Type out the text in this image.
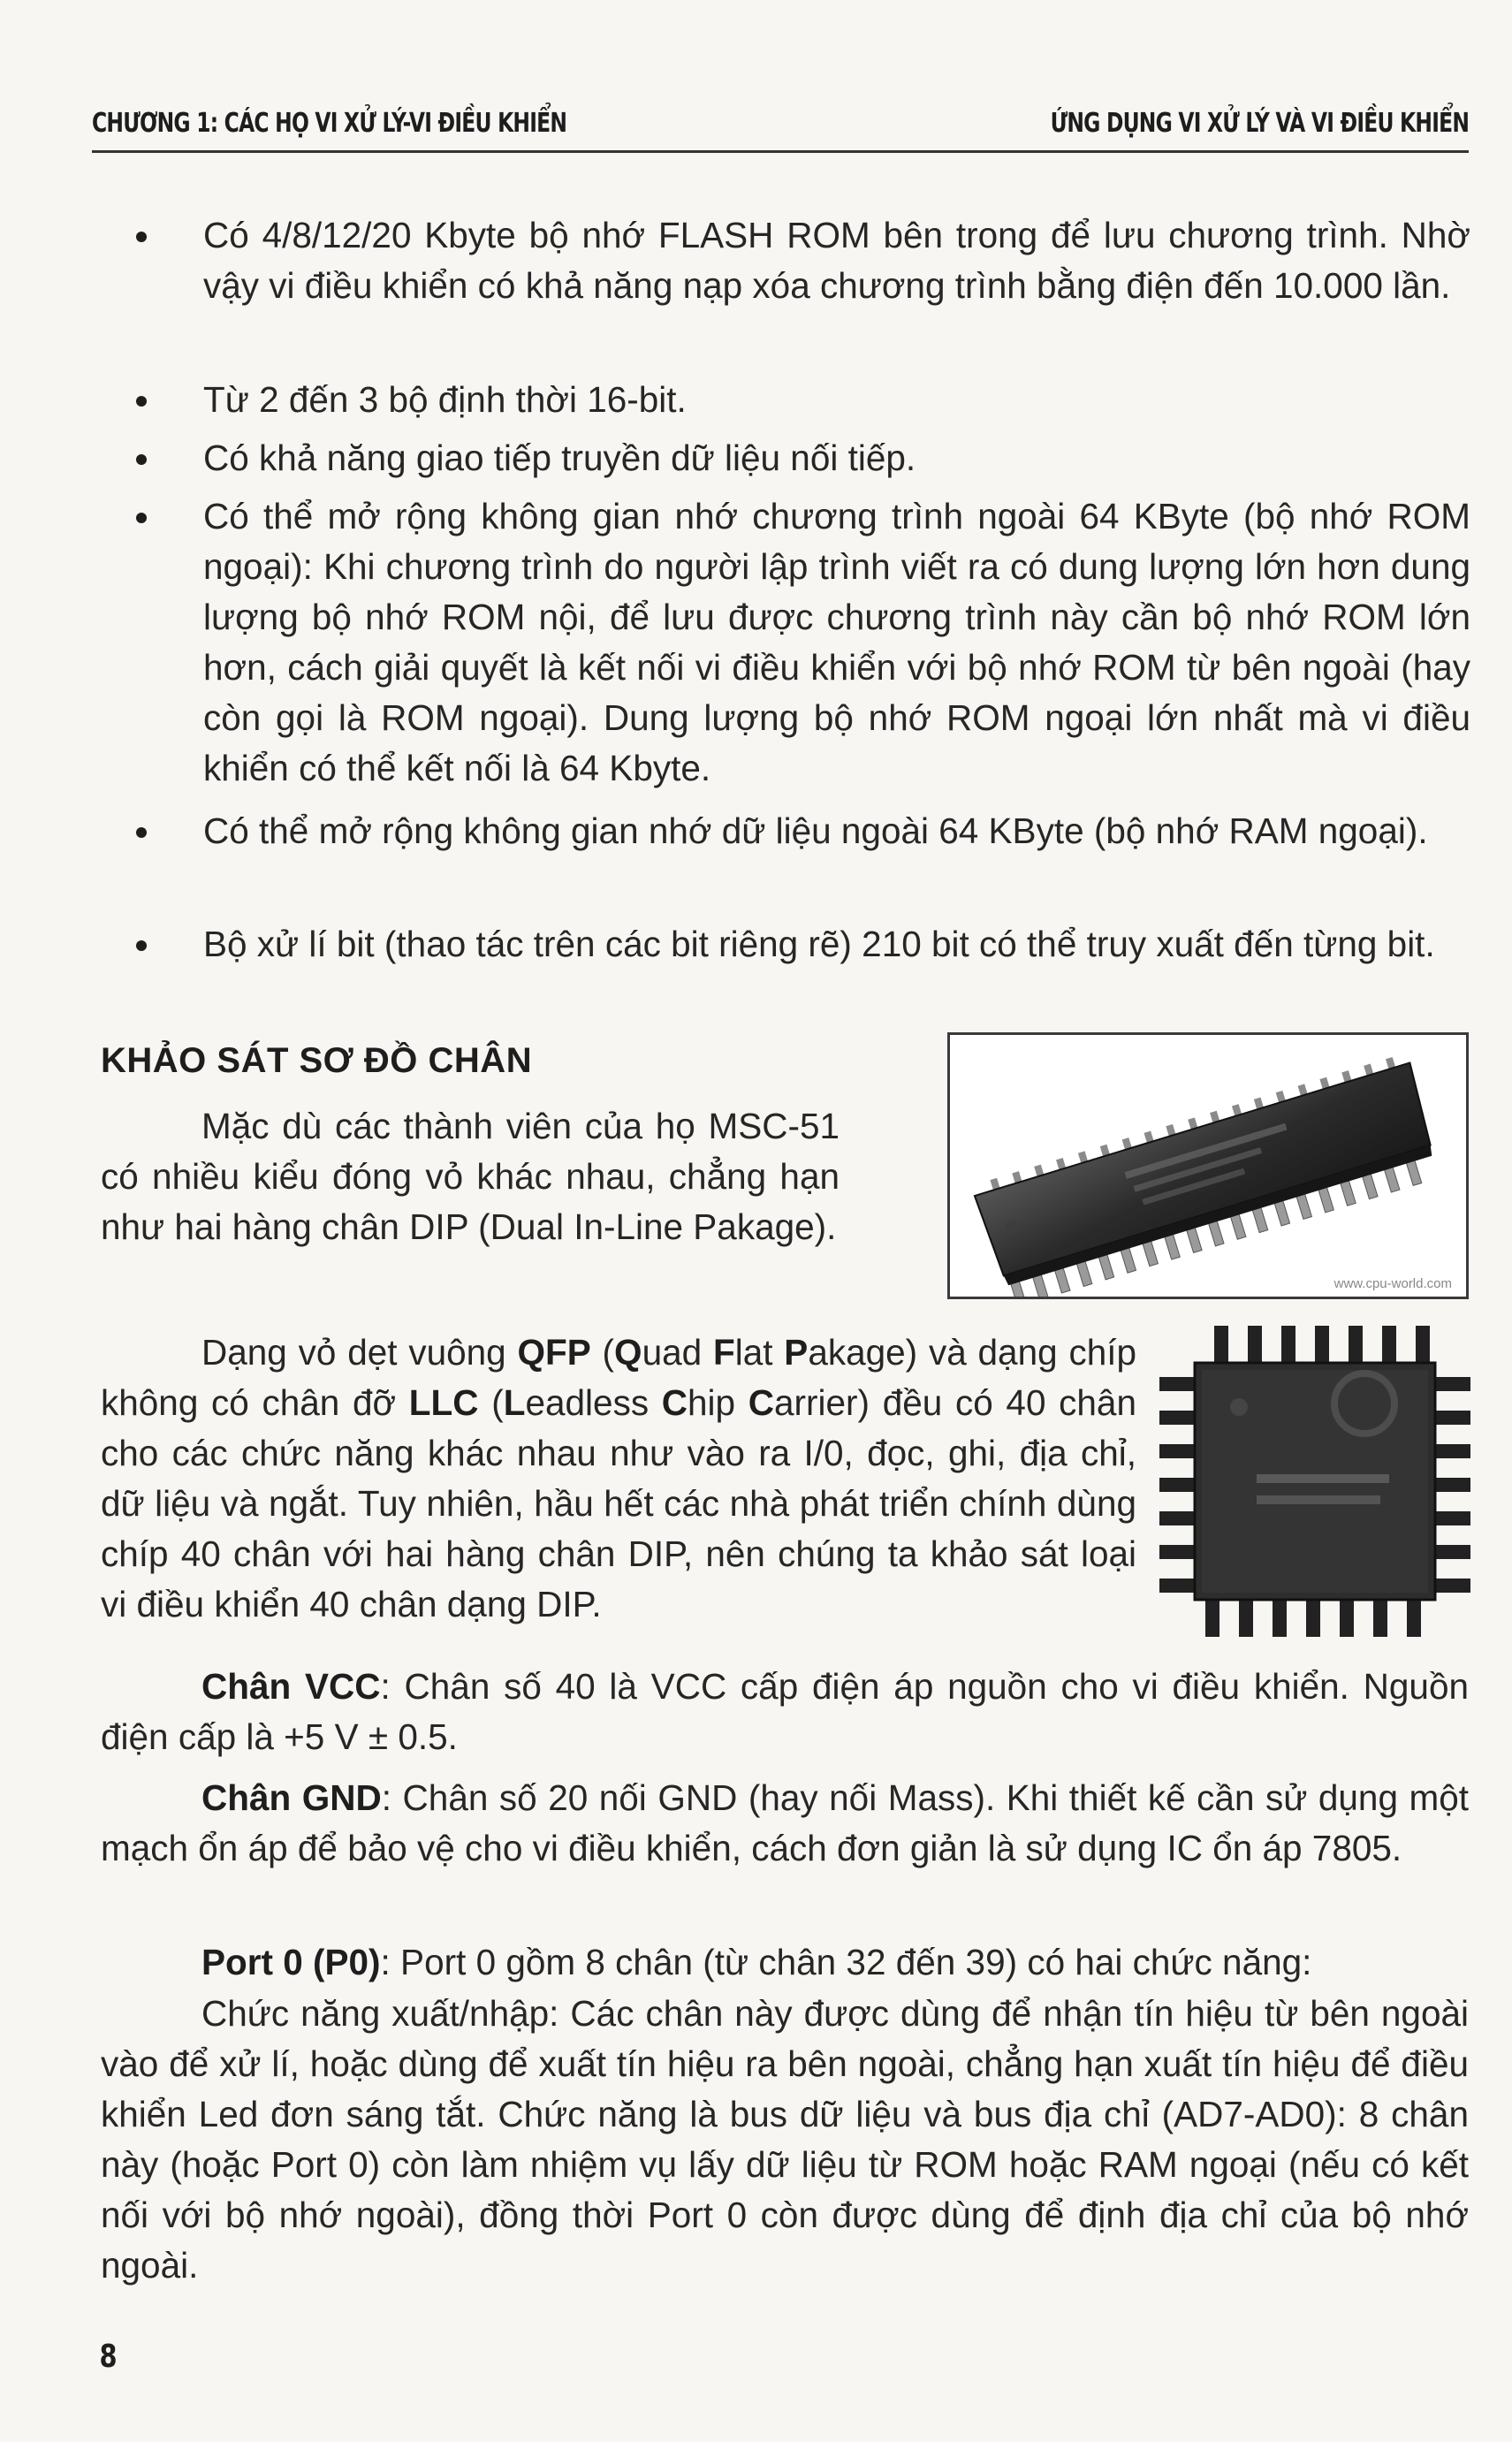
CHƯƠNG 1: CÁC HỌ VI XỬ LÝ-VI ĐIỀU KHIỂN	ỨNG DỤNG VI XỬ LÝ VÀ VI ĐIỀU KHIỂN
Có 4/8/12/20 Kbyte bộ nhớ FLASH ROM bên trong để lưu chương trình. Nhờ vậy vi điều khiển có khả năng nạp xóa chương trình bằng điện đến 10.000 lần.
Từ 2 đến 3 bộ định thời 16-bit.
Có khả năng giao tiếp truyền dữ liệu nối tiếp.
Có thể mở rộng không gian nhớ chương trình ngoài 64 KByte (bộ nhớ ROM ngoại): Khi chương trình do người lập trình viết ra có dung lượng lớn hơn dung lượng bộ nhớ ROM nội, để lưu được chương trình này cần bộ nhớ ROM lớn hơn, cách giải quyết là kết nối vi điều khiển với bộ nhớ ROM từ bên ngoài (hay còn gọi là ROM ngoại). Dung lượng bộ nhớ ROM ngoại lớn nhất mà vi điều khiển có thể kết nối là 64 Kbyte.
Có thể mở rộng không gian nhớ dữ liệu ngoài 64 KByte (bộ nhớ RAM ngoại).
Bộ xử lí bit (thao tác trên các bit riêng rẽ) 210 bit có thể truy xuất đến từng bit.
KHẢO SÁT SƠ ĐỒ CHÂN
Mặc dù các thành viên của họ MSC-51 có nhiều kiểu đóng vỏ khác nhau, chẳng hạn như hai hàng chân DIP (Dual In-Line Pakage).
www.cpu-world.com
Dạng vỏ dẹt vuông QFP (Quad Flat Pakage) và dạng chíp không có chân đỡ LLC (Leadless Chip Carrier) đều có 40 chân cho các chức năng khác nhau như vào ra I/0, đọc, ghi, địa chỉ, dữ liệu và ngắt. Tuy nhiên, hầu hết các nhà phát triển chính dùng chíp 40 chân với hai hàng chân DIP, nên chúng ta khảo sát loại vi điều khiển 40 chân dạng DIP.
Chân VCC: Chân số 40 là VCC cấp điện áp nguồn cho vi điều khiển. Nguồn điện cấp là +5 V ± 0.5.
Chân GND: Chân số 20 nối GND (hay nối Mass). Khi thiết kế cần sử dụng một mạch ổn áp để bảo vệ cho vi điều khiển, cách đơn giản là sử dụng IC ổn áp 7805.
Port 0 (P0): Port 0 gồm 8 chân (từ chân 32 đến 39) có hai chức năng:
Chức năng xuất/nhập: Các chân này được dùng để nhận tín hiệu từ bên ngoài vào để xử lí, hoặc dùng để xuất tín hiệu ra bên ngoài, chẳng hạn xuất tín hiệu để điều khiển Led đơn sáng tắt. Chức năng là bus dữ liệu và bus địa chỉ (AD7-AD0): 8 chân này (hoặc Port 0) còn làm nhiệm vụ lấy dữ liệu từ ROM hoặc RAM ngoại (nếu có kết nối với bộ nhớ ngoài), đồng thời Port 0 còn được dùng để định địa chỉ của bộ nhớ ngoài.
8
